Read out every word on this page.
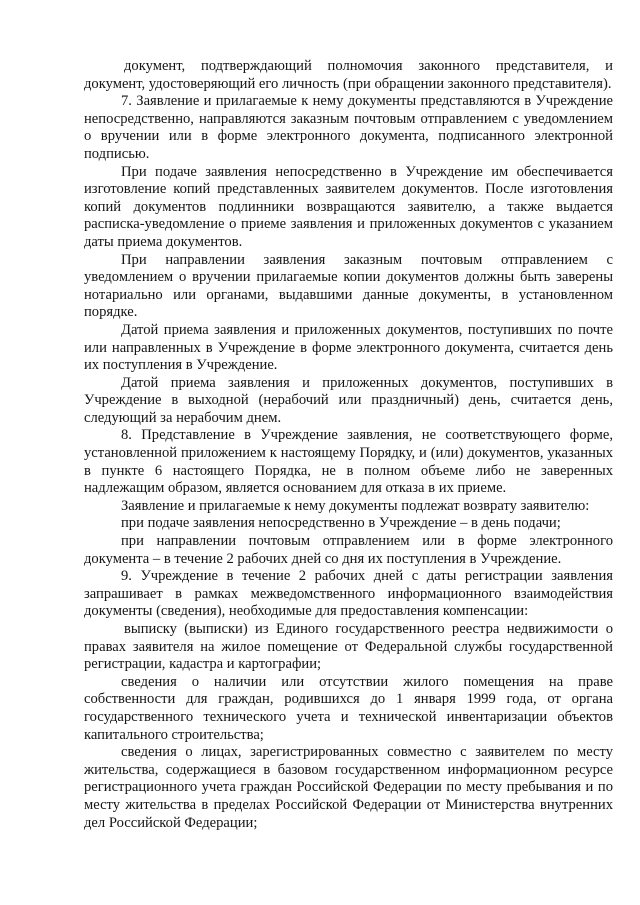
документ, подтверждающий полномочия законного представителя, и документ, удостоверяющий его личность (при обращении законного представителя).

7. Заявление и прилагаемые к нему документы представляются в Учреждение непосредственно, направляются заказным почтовым отправлением с уведомлением о вручении или в форме электронного документа, подписанного электронной подписью.

При подаче заявления непосредственно в Учреждение им обеспечивается изготовление копий представленных заявителем документов. После изготовления копий документов подлинники возвращаются заявителю, а также выдается расписка-уведомление о приеме заявления и приложенных документов с указанием даты приема документов.

При направлении заявления заказным почтовым отправлением с уведомлением о вручении прилагаемые копии документов должны быть заверены нотариально или органами, выдавшими данные документы, в установленном порядке.

Датой приема заявления и приложенных документов, поступивших по почте или направленных в Учреждение в форме электронного документа, считается день их поступления в Учреждение.

Датой приема заявления и приложенных документов, поступивших в Учреждение в выходной (нерабочий или праздничный) день, считается день, следующий за нерабочим днем.

8. Представление в Учреждение заявления, не соответствующего форме, установленной приложением к настоящему Порядку, и (или) документов, указанных в пункте 6 настоящего Порядка, не в полном объеме либо не заверенных надлежащим образом, является основанием для отказа в их приеме.

Заявление и прилагаемые к нему документы подлежат возврату заявителю:

при подаче заявления непосредственно в Учреждение – в день подачи;

при направлении почтовым отправлением или в форме электронного документа – в течение 2 рабочих дней со дня их поступления в Учреждение.

9. Учреждение в течение 2 рабочих дней с даты регистрации заявления запрашивает в рамках межведомственного информационного взаимодействия документы (сведения), необходимые для предоставления компенсации:

выписку (выписки) из Единого государственного реестра недвижимости о правах заявителя на жилое помещение от Федеральной службы государственной регистрации, кадастра и картографии;

сведения о наличии или отсутствии жилого помещения на праве собственности для граждан, родившихся до 1 января 1999 года, от органа государственного технического учета и технической инвентаризации объектов капитального строительства;

сведения о лицах, зарегистрированных совместно с заявителем по месту жительства, содержащиеся в базовом государственном информационном ресурсе регистрационного учета граждан Российской Федерации по месту пребывания и по месту жительства в пределах Российской Федерации от Министерства внутренних дел Российской Федерации;
